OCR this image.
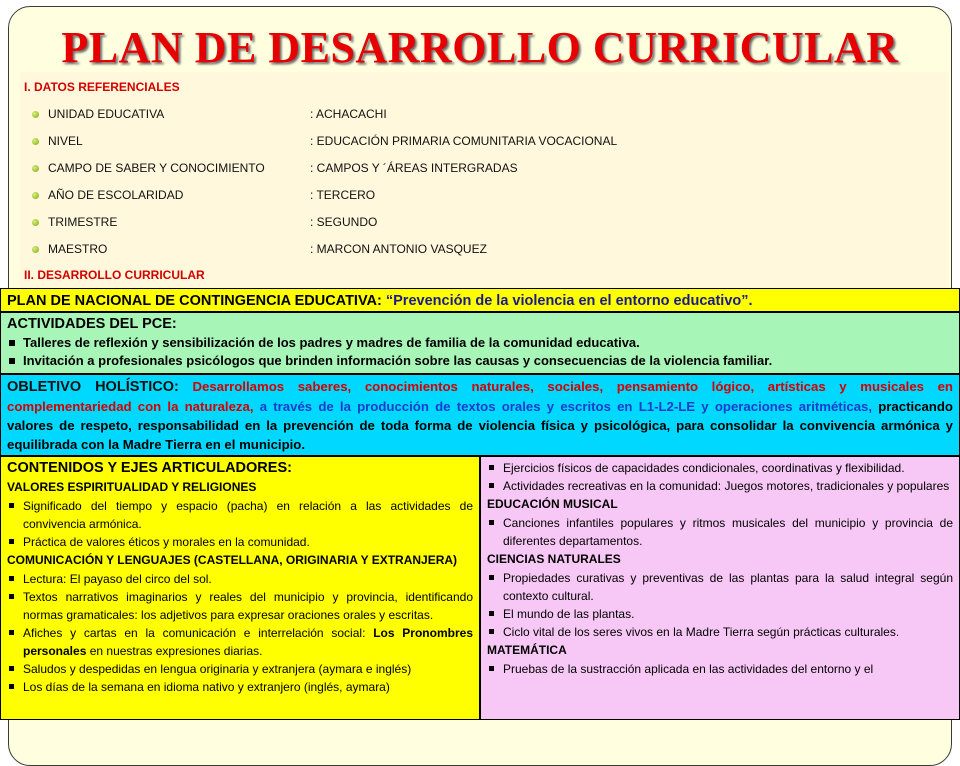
PLAN DE DESARROLLO CURRICULAR
I. DATOS REFERENCIALES
UNIDAD EDUCATIVA	: ACHACACHI
NIVEL	: EDUCACIÓN PRIMARIA COMUNITARIA VOCACIONAL
CAMPO DE SABER Y CONOCIMIENTO	: CAMPOS Y ´ÁREAS INTERGRADAS
AÑO DE ESCOLARIDAD	: TERCERO
TRIMESTRE	: SEGUNDO
MAESTRO	: MARCON ANTONIO VASQUEZ
II. DESARROLLO CURRICULAR
PLAN DE NACIONAL DE CONTINGENCIA EDUCATIVA: “Prevención de la violencia en el entorno educativo”.
ACTIVIDADES DEL PCE:
Talleres de reflexión y sensibilización de los padres y madres de familia de la comunidad educativa.
Invitación a profesionales psicólogos que brinden información sobre las causas y consecuencias de la violencia familiar.
OBLETIVO HOLÍSTICO: Desarrollamos saberes, conocimientos naturales, sociales, pensamiento lógico, artísticas y musicales en complementariedad con la naturaleza, a través de la producción de textos orales y escritos en L1-L2-LE y operaciones aritméticas, practicando valores de respeto, responsabilidad en la prevención de toda forma de violencia física y psicológica, para consolidar la convivencia armónica y equilibrada con la Madre Tierra en el municipio.
CONTENIDOS Y EJES ARTICULADORES:
VALORES ESPIRITUALIDAD Y RELIGIONES
Significado del tiempo y espacio (pacha) en relación a las actividades de convivencia armónica.
Práctica de valores éticos y morales en la comunidad.
COMUNICACIÓN Y LENGUAJES (CASTELLANA, ORIGINARIA Y EXTRANJERA)
Lectura: El payaso del circo del sol.
Textos narrativos imaginarios y reales del municipio y provincia, identificando normas gramaticales: los adjetivos para expresar oraciones orales y escritas.
Afiches y cartas en la comunicación e interrelación social: Los Pronombres personales en nuestras expresiones diarias.
Saludos y despedidas en lengua originaria y extranjera (aymara e inglés)
Los días de la semana en idioma nativo y extranjero (inglés, aymara)
Ejercicios físicos de capacidades condicionales, coordinativas y flexibilidad.
Actividades recreativas en la comunidad: Juegos motores, tradicionales y populares
EDUCACIÓN MUSICAL
Canciones infantiles populares y ritmos musicales del municipio y provincia de diferentes departamentos.
CIENCIAS NATURALES
Propiedades curativas y preventivas de las plantas para la salud integral según contexto cultural.
El mundo de las plantas.
Ciclo vital de los seres vivos en la Madre Tierra según prácticas culturales.
MATEMÁTICA
Pruebas de la sustracción aplicada en las actividades del entorno y el
